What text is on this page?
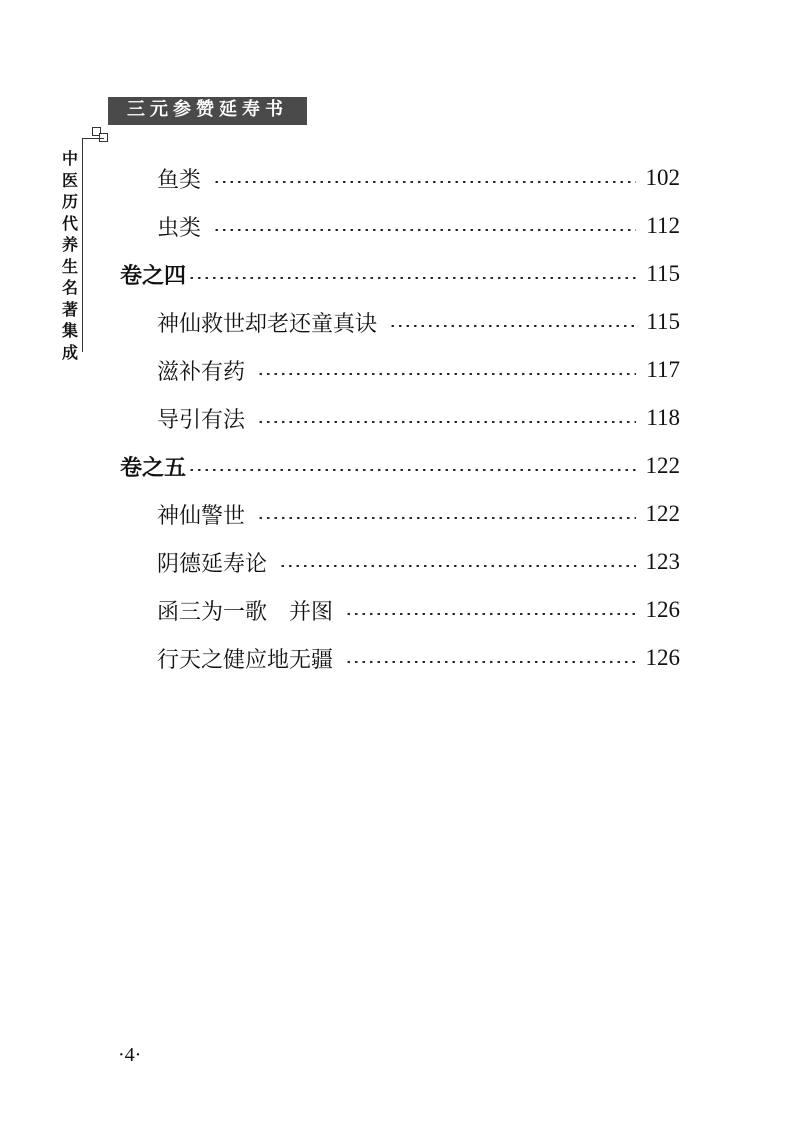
三元参赞延寿书
中
医
历
代
养
生
名
著
集
成
鱼类	102
虫类	112
卷之四	115
神仙救世却老还童真诀	115
滋补有药	117
导引有法	118
卷之五	122
神仙警世	122
阴德延寿论	123
函三为一歌　并图	126
行天之健应地无疆	126
·4·
